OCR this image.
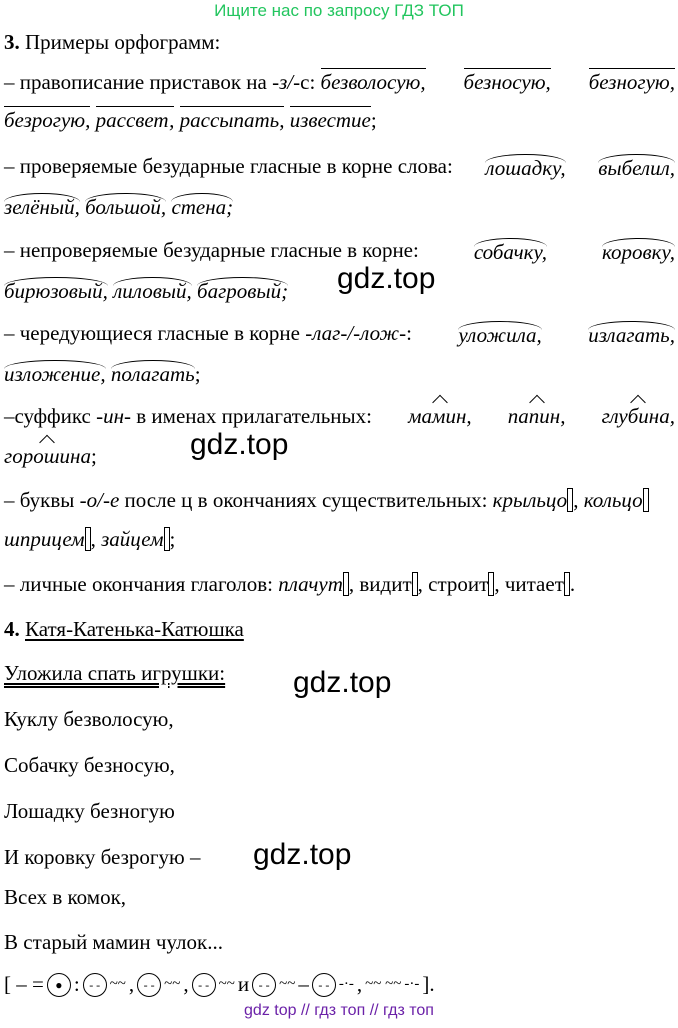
Ищите нас по запросу ГДЗ ТОП
3. Примеры орфограмм:
– правописание приставок на -з/-с: безволосую, безносую, безногую,
безрогую, рассвет, рассыпать, известие;
– проверяемые безударные гласные в корне слова: лошадку, выбелил,
зелёный, большой, стена;
– непроверяемые безударные гласные в корне:	собачку,	коровку,
бирюзовый, лиловый, багровый;
– чередующиеся гласные в корне -лаг-/-лож-: уложила, излагать,
изложение, полагать;
–суффикс -ин- в именах прилагательных: мамин, папин, глубина,
горошина;
– буквы -о/-е после ц в окончаниях существительных: крыльцо , кольцо
шприцем , зайцем ;
– личные окончания глаголов: плачут , видит , строит , читает .
4. Катя-Катенька-Катюшка
Уложила спать игрушки:
Куклу безволосую,
Собачку безносую,
Лошадку безногую
И коровку безрогую –
Всех в комок,
В старый мамин чулок...
[ – = ● : - - ~~ , - - ~~ , - - ~~ и - - ~~ – - - -·- , ~~ ~~ -·- ].
gdz.top
gdz.top
gdz.top
gdz.top
gdz top // гдз топ // гдз топ
